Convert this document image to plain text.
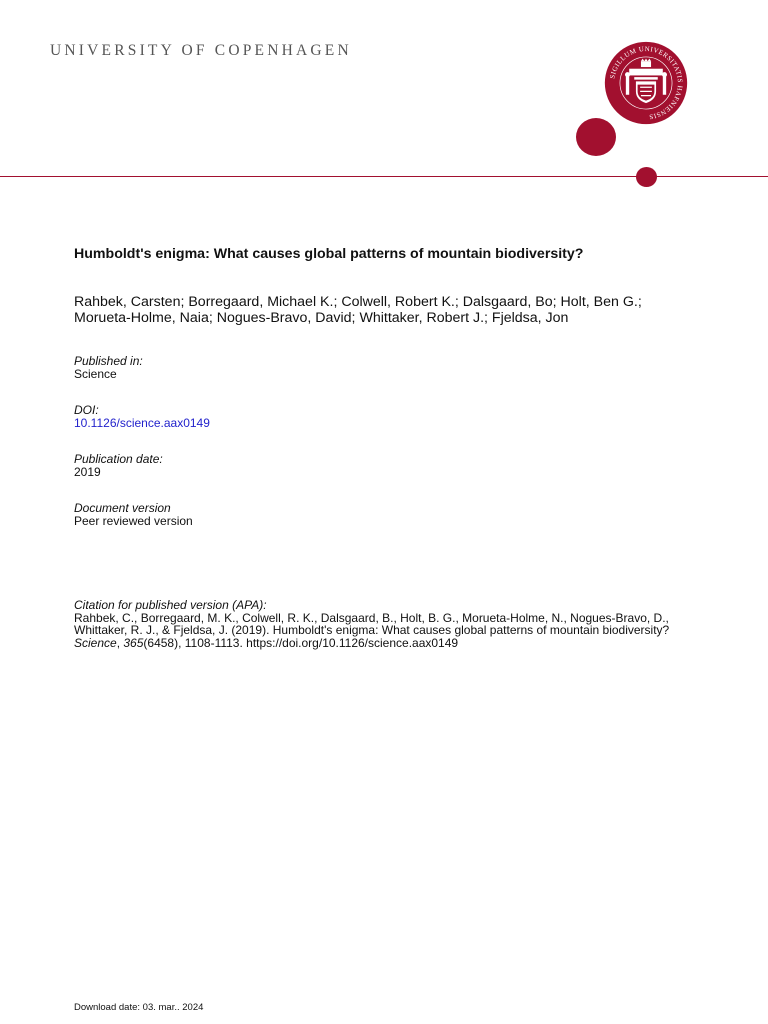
UNIVERSITY OF COPENHAGEN
SIGILLUM UNIVERSITATIS HAFNIENSIS
Humboldt's enigma: What causes global patterns of mountain biodiversity?
Rahbek, Carsten; Borregaard, Michael K.; Colwell, Robert K.; Dalsgaard, Bo; Holt, Ben G.;
Morueta-Holme, Naia; Nogues-Bravo, David; Whittaker, Robert J.; Fjeldsa, Jon
Published in:
Science
DOI:
10.1126/science.aax0149
Publication date:
2019
Document version
Peer reviewed version
Citation for published version (APA):
Rahbek, C., Borregaard, M. K., Colwell, R. K., Dalsgaard, B., Holt, B. G., Morueta-Holme, N., Nogues-Bravo, D.,
Whittaker, R. J., & Fjeldsa, J. (2019). Humboldt's enigma: What causes global patterns of mountain biodiversity?
Science, 365(6458), 1108-1113. https://doi.org/10.1126/science.aax0149
Download date: 03. mar.. 2024
